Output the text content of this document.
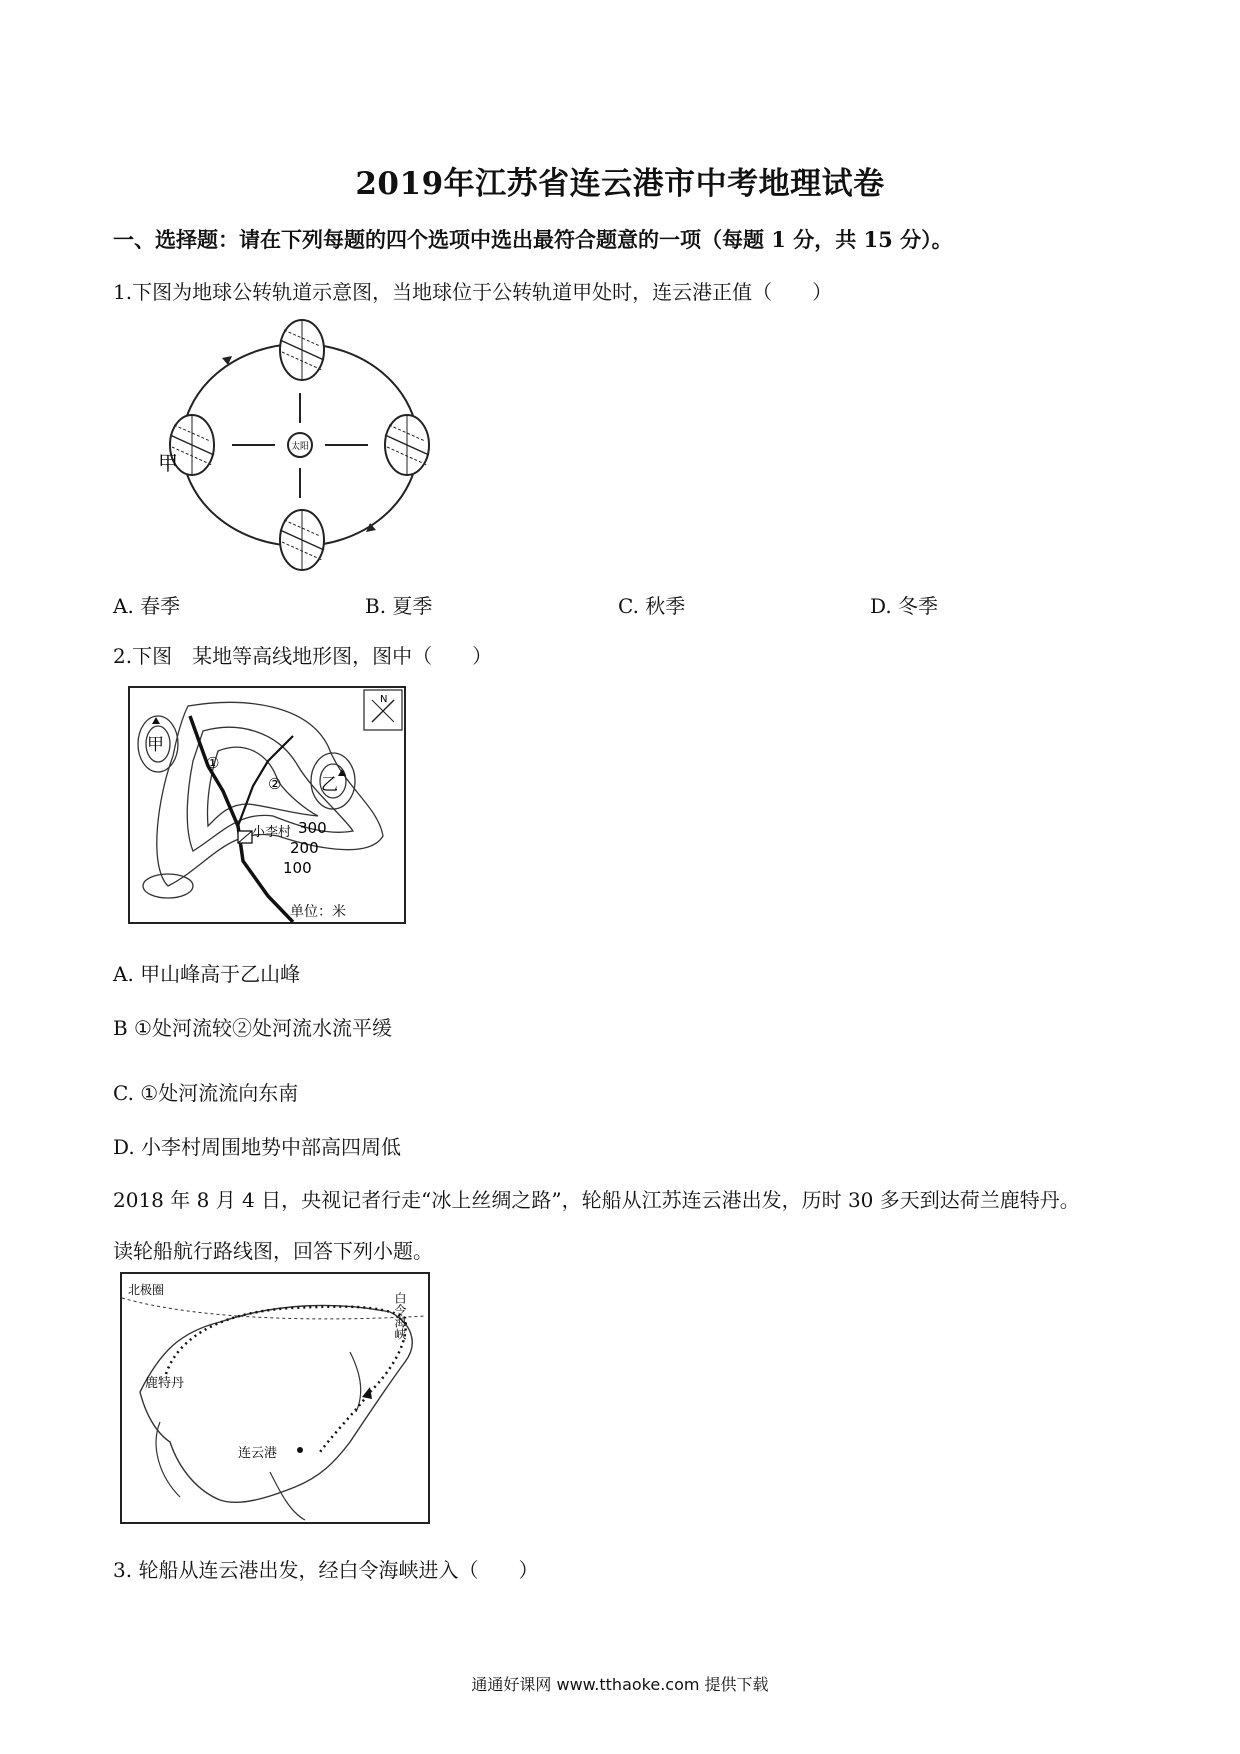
2019年江苏省连云港市中考地理试卷
一、选择题：请在下列每题的四个选项中选出最符合题意的一项（每题 1 分，共 15 分）。
1.下图为地球公转轨道示意图，当地球位于公转轨道甲处时，连云港正值（　　）
太阳
甲
A. 春季	B. 夏季	C. 秋季	D. 冬季
2.下图　某地等高线地形图，图中（　　）
N
甲
乙
①
②
小李村 300
200
100
单位：米
A. 甲山峰高于乙山峰
B ①处河流较②处河流水流平缓
C. ①处河流流向东南
D. 小李村周围地势中部高四周低
2018 年 8 月 4 日，央视记者行走“冰上丝绸之路”，轮船从江苏连云港出发，历时 30 多天到达荷兰鹿特丹。
读轮船航行路线图，回答下列小题。
北极圈
白令海峡
鹿特丹
连云港
3. 轮船从连云港出发，经白令海峡进入（　　）
通通好课网 www.tthaoke.com 提供下载
